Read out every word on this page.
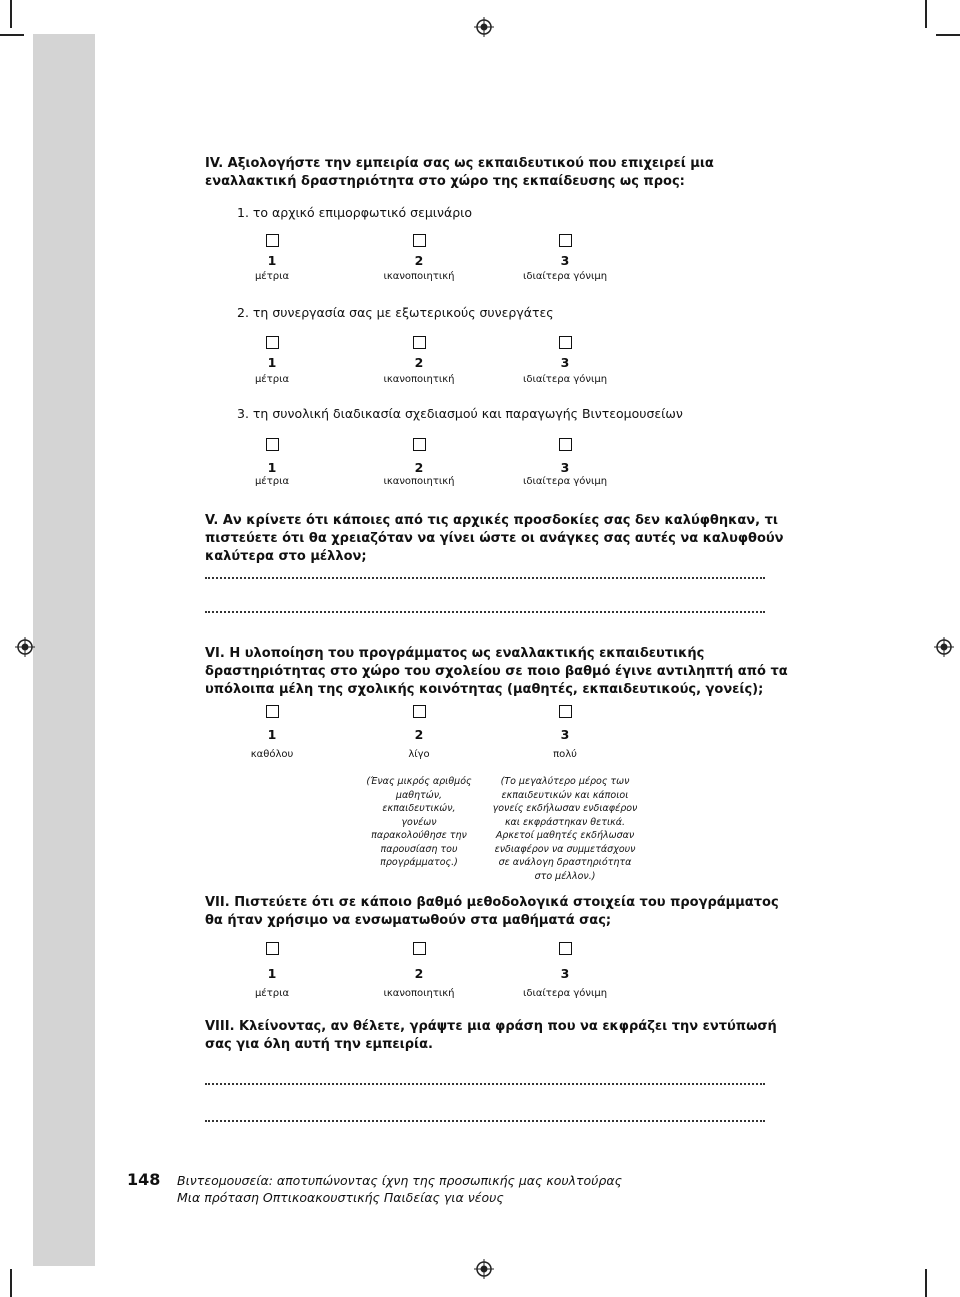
IV. Αξιολογήστε την εμπειρία σας ως εκπαιδευτικού που επιχειρεί μια εναλλακτική δραστηριότητα στο χώρο της εκπαίδευσης ως προς:
1. το αρχικό επιμορφωτικό σεμινάριο
1	2	3
μέτρια	ικανοποιητική	ιδιαίτερα γόνιμη
2. τη συνεργασία σας με εξωτερικούς συνεργάτες
1	2	3
μέτρια	ικανοποιητική	ιδιαίτερα γόνιμη
3. τη συνολική διαδικασία σχεδιασμού και παραγωγής Βιντεομουσείων
1	2	3
μέτρια	ικανοποιητική	ιδιαίτερα γόνιμη
V. Αν κρίνετε ότι κάποιες από τις αρχικές προσδοκίες σας δεν καλύφθηκαν, τι πιστεύετε ότι θα χρειαζόταν να γίνει ώστε οι ανάγκες σας αυτές να καλυφθούν καλύτερα στο μέλλον;
VI. Η υλοποίηση του προγράμματος ως εναλλακτικής εκπαιδευτικής δραστηριότητας στο χώρο του σχολείου σε ποιο βαθμό έγινε αντιληπτή από τα υπόλοιπα μέλη της σχολικής κοινότητας (μαθητές, εκπαιδευτικούς, γονείς);
1	2	3
καθόλου	λίγο	πολύ
(Ένας μικρός αριθμός
μαθητών,
εκπαιδευτικών,
γονέων
παρακολούθησε την
παρουσίαση του
προγράμματος.)
(Το μεγαλύτερο μέρος των
εκπαιδευτικών και κάποιοι
γονείς εκδήλωσαν ενδιαφέρον
και εκφράστηκαν θετικά.
Αρκετοί μαθητές εκδήλωσαν
ενδιαφέρον να συμμετάσχουν
σε ανάλογη δραστηριότητα
στο μέλλον.)
VII. Πιστεύετε ότι σε κάποιο βαθμό μεθοδολογικά στοιχεία του προγράμματος θα ήταν χρήσιμο να ενσωματωθούν στα μαθήματά σας;
1	2	3
μέτρια	ικανοποιητική	ιδιαίτερα γόνιμη
VIII. Κλείνοντας, αν θέλετε, γράψτε μια φράση που να εκφράζει την εντύπωσή σας για όλη αυτή την εμπειρία.
148 Βιντεομουσεία: αποτυπώνοντας ίχνη της προσωπικής μας κουλτούρας
Μια πρόταση Οπτικοακουστικής Παιδείας για νέους
